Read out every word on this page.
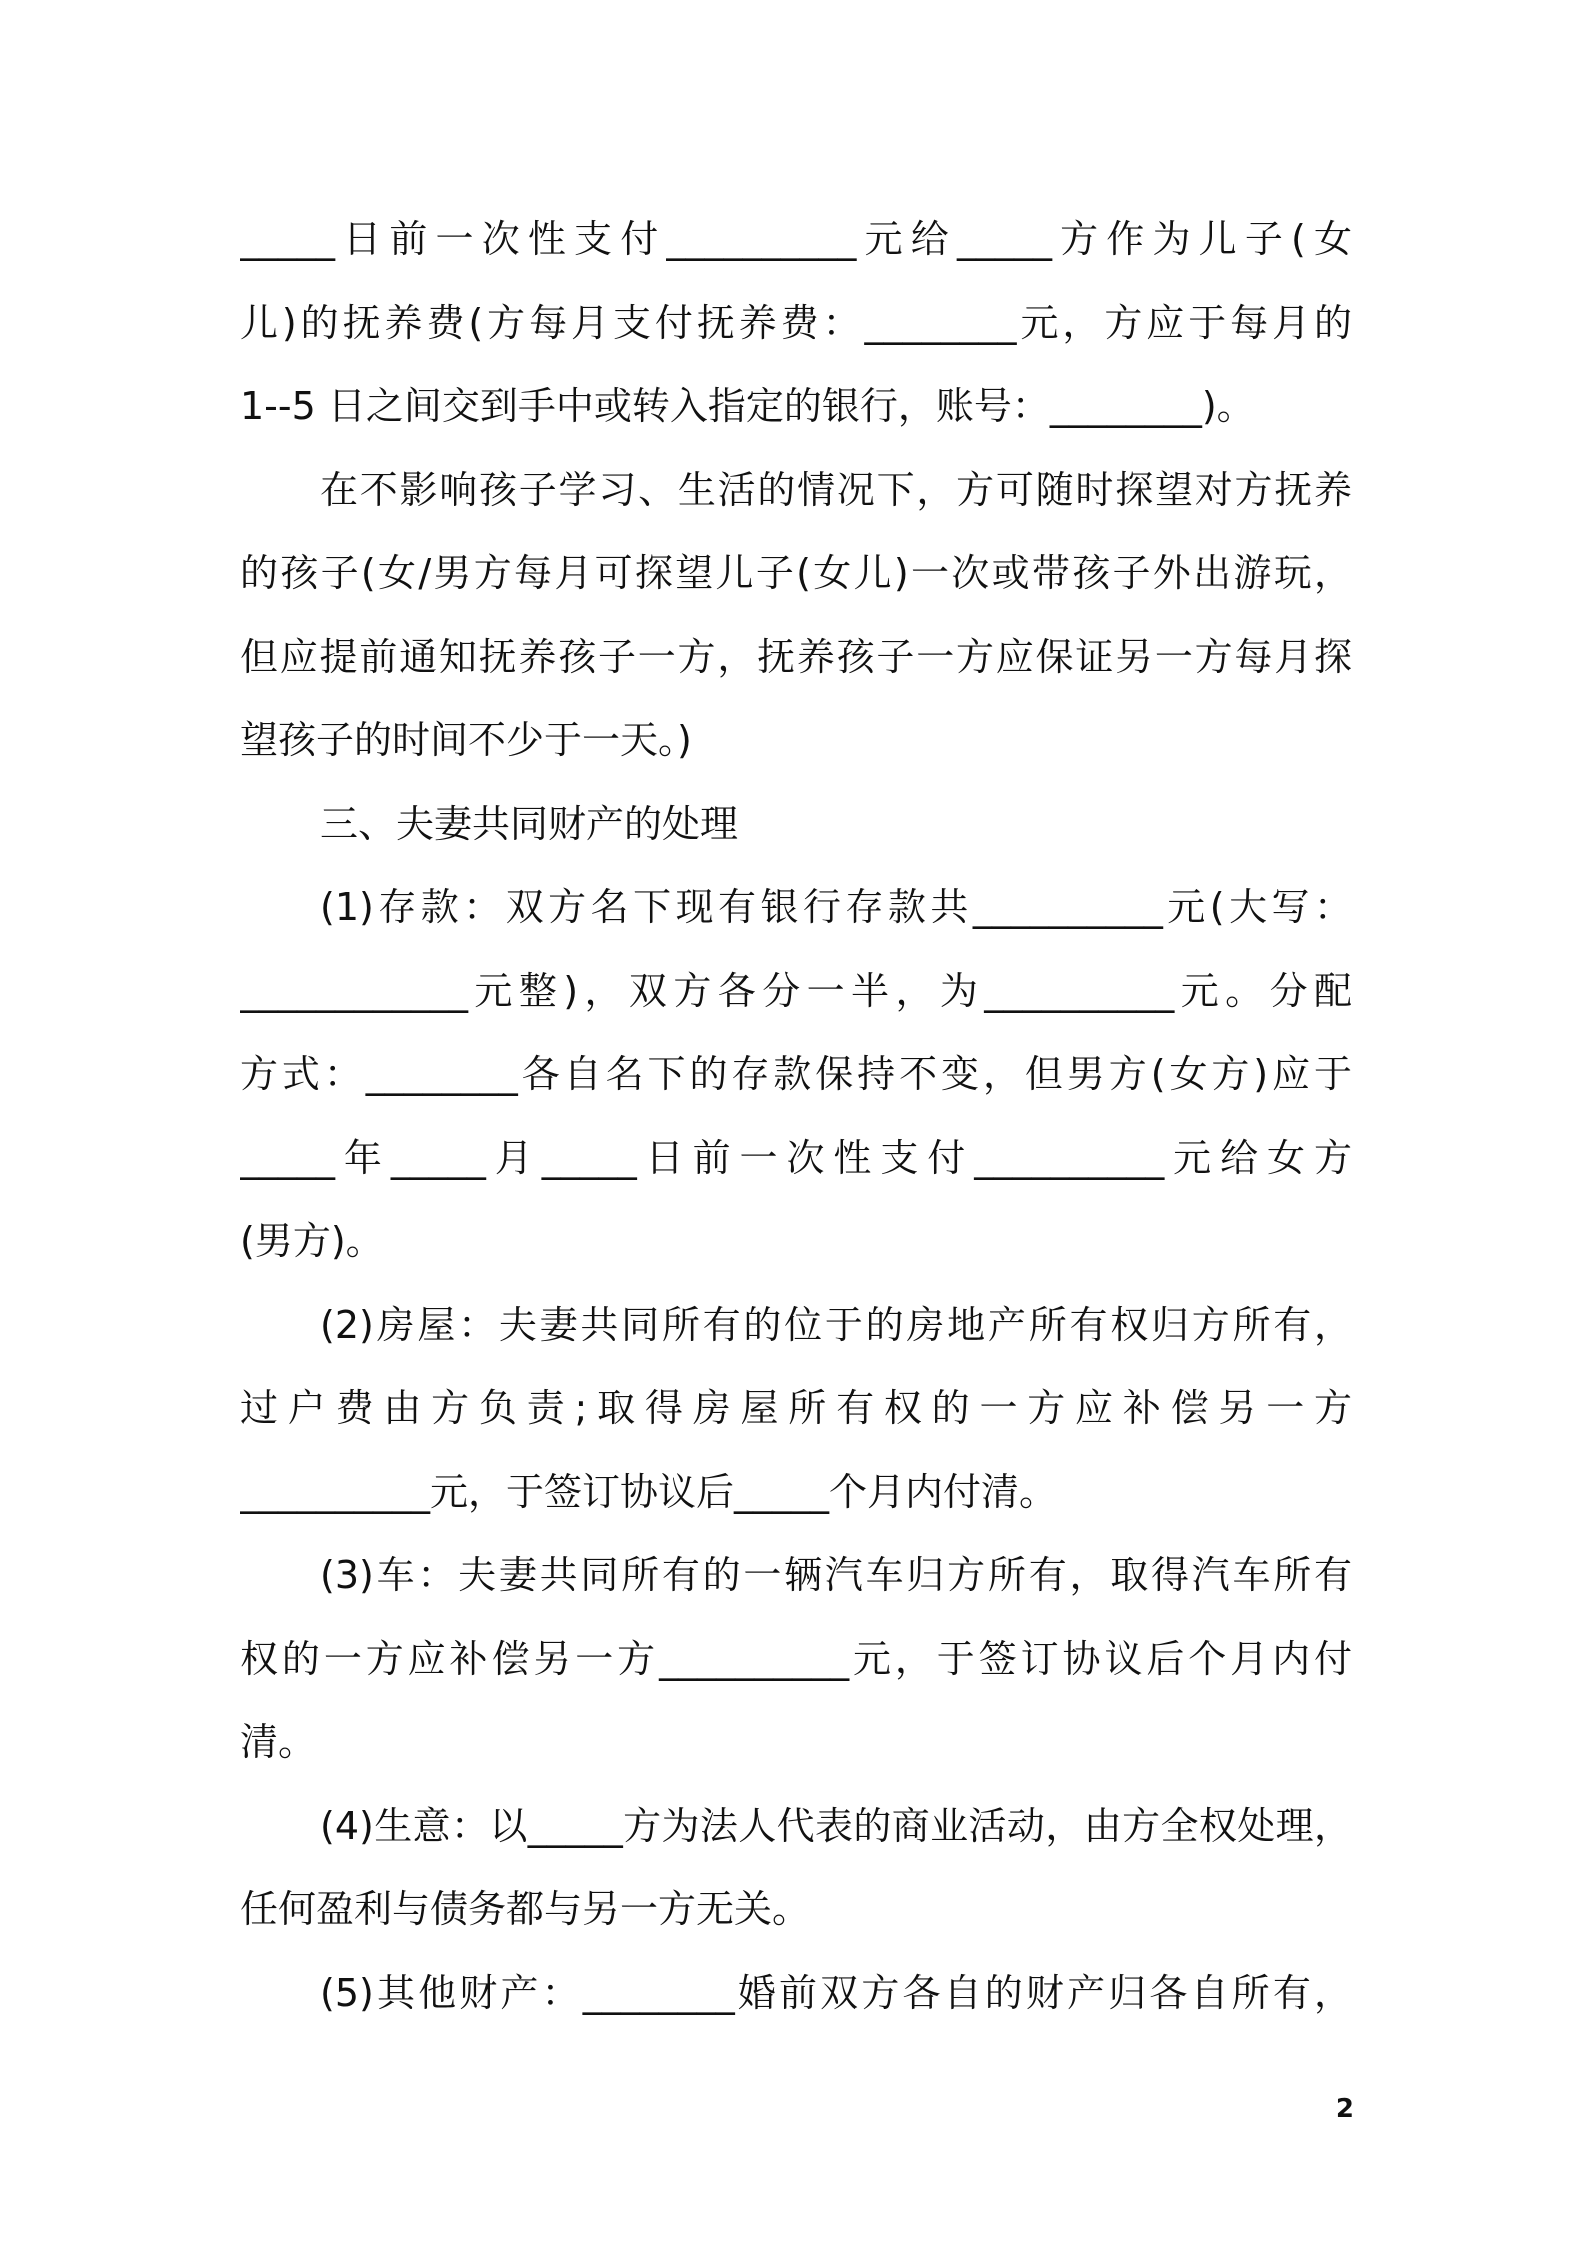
_____日前一次性支付__________元给_____方作为儿子(女
儿)的抚养费(方每月支付抚养费：________元，方应于每月的
1--5 日之间交到手中或转入指定的银行，账号：________)。
在不影响孩子学习、生活的情况下，方可随时探望对方抚养
的孩子(女/男方每月可探望儿子(女儿)一次或带孩子外出游玩，
但应提前通知抚养孩子一方，抚养孩子一方应保证另一方每月探
望孩子的时间不少于一天。)
三、夫妻共同财产的处理
(1)存款：双方名下现有银行存款共__________元(大写：
____________元整)，双方各分一半，为__________元。分配
方式：________各自名下的存款保持不变，但男方(女方)应于
_____年_____月_____日前一次性支付__________元给女方
(男方)。
(2)房屋：夫妻共同所有的位于的房地产所有权归方所有，
过户费由方负责;取得房屋所有权的一方应补偿另一方
__________元，于签订协议后_____个月内付清。
(3)车：夫妻共同所有的一辆汽车归方所有，取得汽车所有
权的一方应补偿另一方__________元，于签订协议后个月内付
清。
(4)生意：以_____方为法人代表的商业活动，由方全权处理，
任何盈利与债务都与另一方无关。
(5)其他财产：________婚前双方各自的财产归各自所有，
2
